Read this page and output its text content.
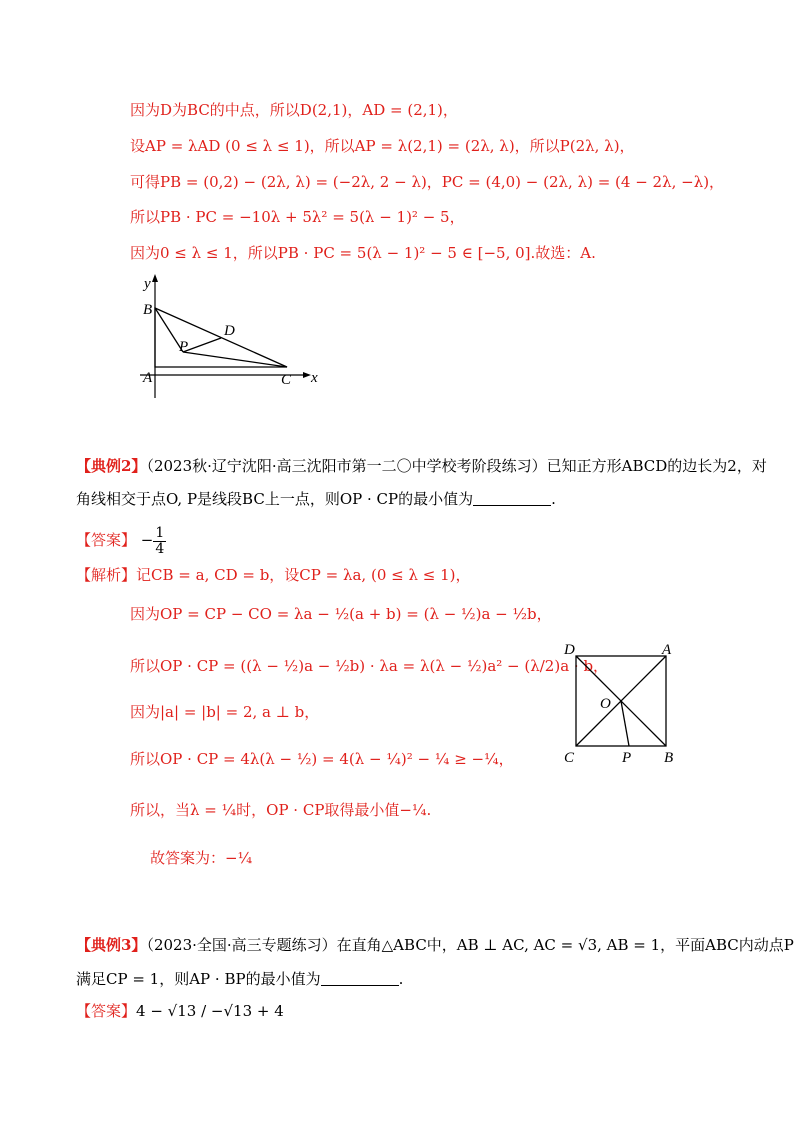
因为D为BC的中点，所以D(2,1)，AD = (2,1)，
设AP = λAD (0 ≤ λ ≤ 1)，所以AP = λ(2,1) = (2λ, λ)，所以P(2λ, λ)，
可得PB = (0,2) − (2λ, λ) = (−2λ, 2 − λ)，PC = (4,0) − (2λ, λ) = (4 − 2λ, −λ)，
所以PB · PC = −10λ + 5λ² = 5(λ − 1)² − 5，
因为0 ≤ λ ≤ 1，所以PB · PC = 5(λ − 1)² − 5 ∈ [−5, 0].故选：A.
y
x
B
D
P
A	C
【典例2】（2023秋·辽宁沈阳·高三沈阳市第一二〇中学校考阶段练习）已知正方形ABCD的边长为2，对
角线相交于点O, P是线段BC上一点，则OP · CP的最小值为	.
【答案】 − $\frac{1}{4}$
【解析】记CB = a, CD = b，设CP = λa, (0 ≤ λ ≤ 1)，
因为OP = CP − CO = λa − ½(a + b) = (λ − ½)a − ½b，
所以OP · CP = ((λ − ½)a − ½b) · λa = λ(λ − ½)a² − (λ/2)a · b，
因为|a| = |b| = 2, a ⊥ b，
所以OP · CP = 4λ(λ − ½) = 4(λ − ¼)² − ¼ ≥ −¼，
所以，当λ = ¼时，OP · CP取得最小值−¼.
故答案为：−¼
D	A
O
C	P B
【典例3】（2023·全国·高三专题练习）在直角△ABC中，AB ⊥ AC, AC = √3, AB = 1，平面ABC内动点P
满足CP = 1，则AP · BP的最小值为	.
【答案】4 − √13 / −√13 + 4
